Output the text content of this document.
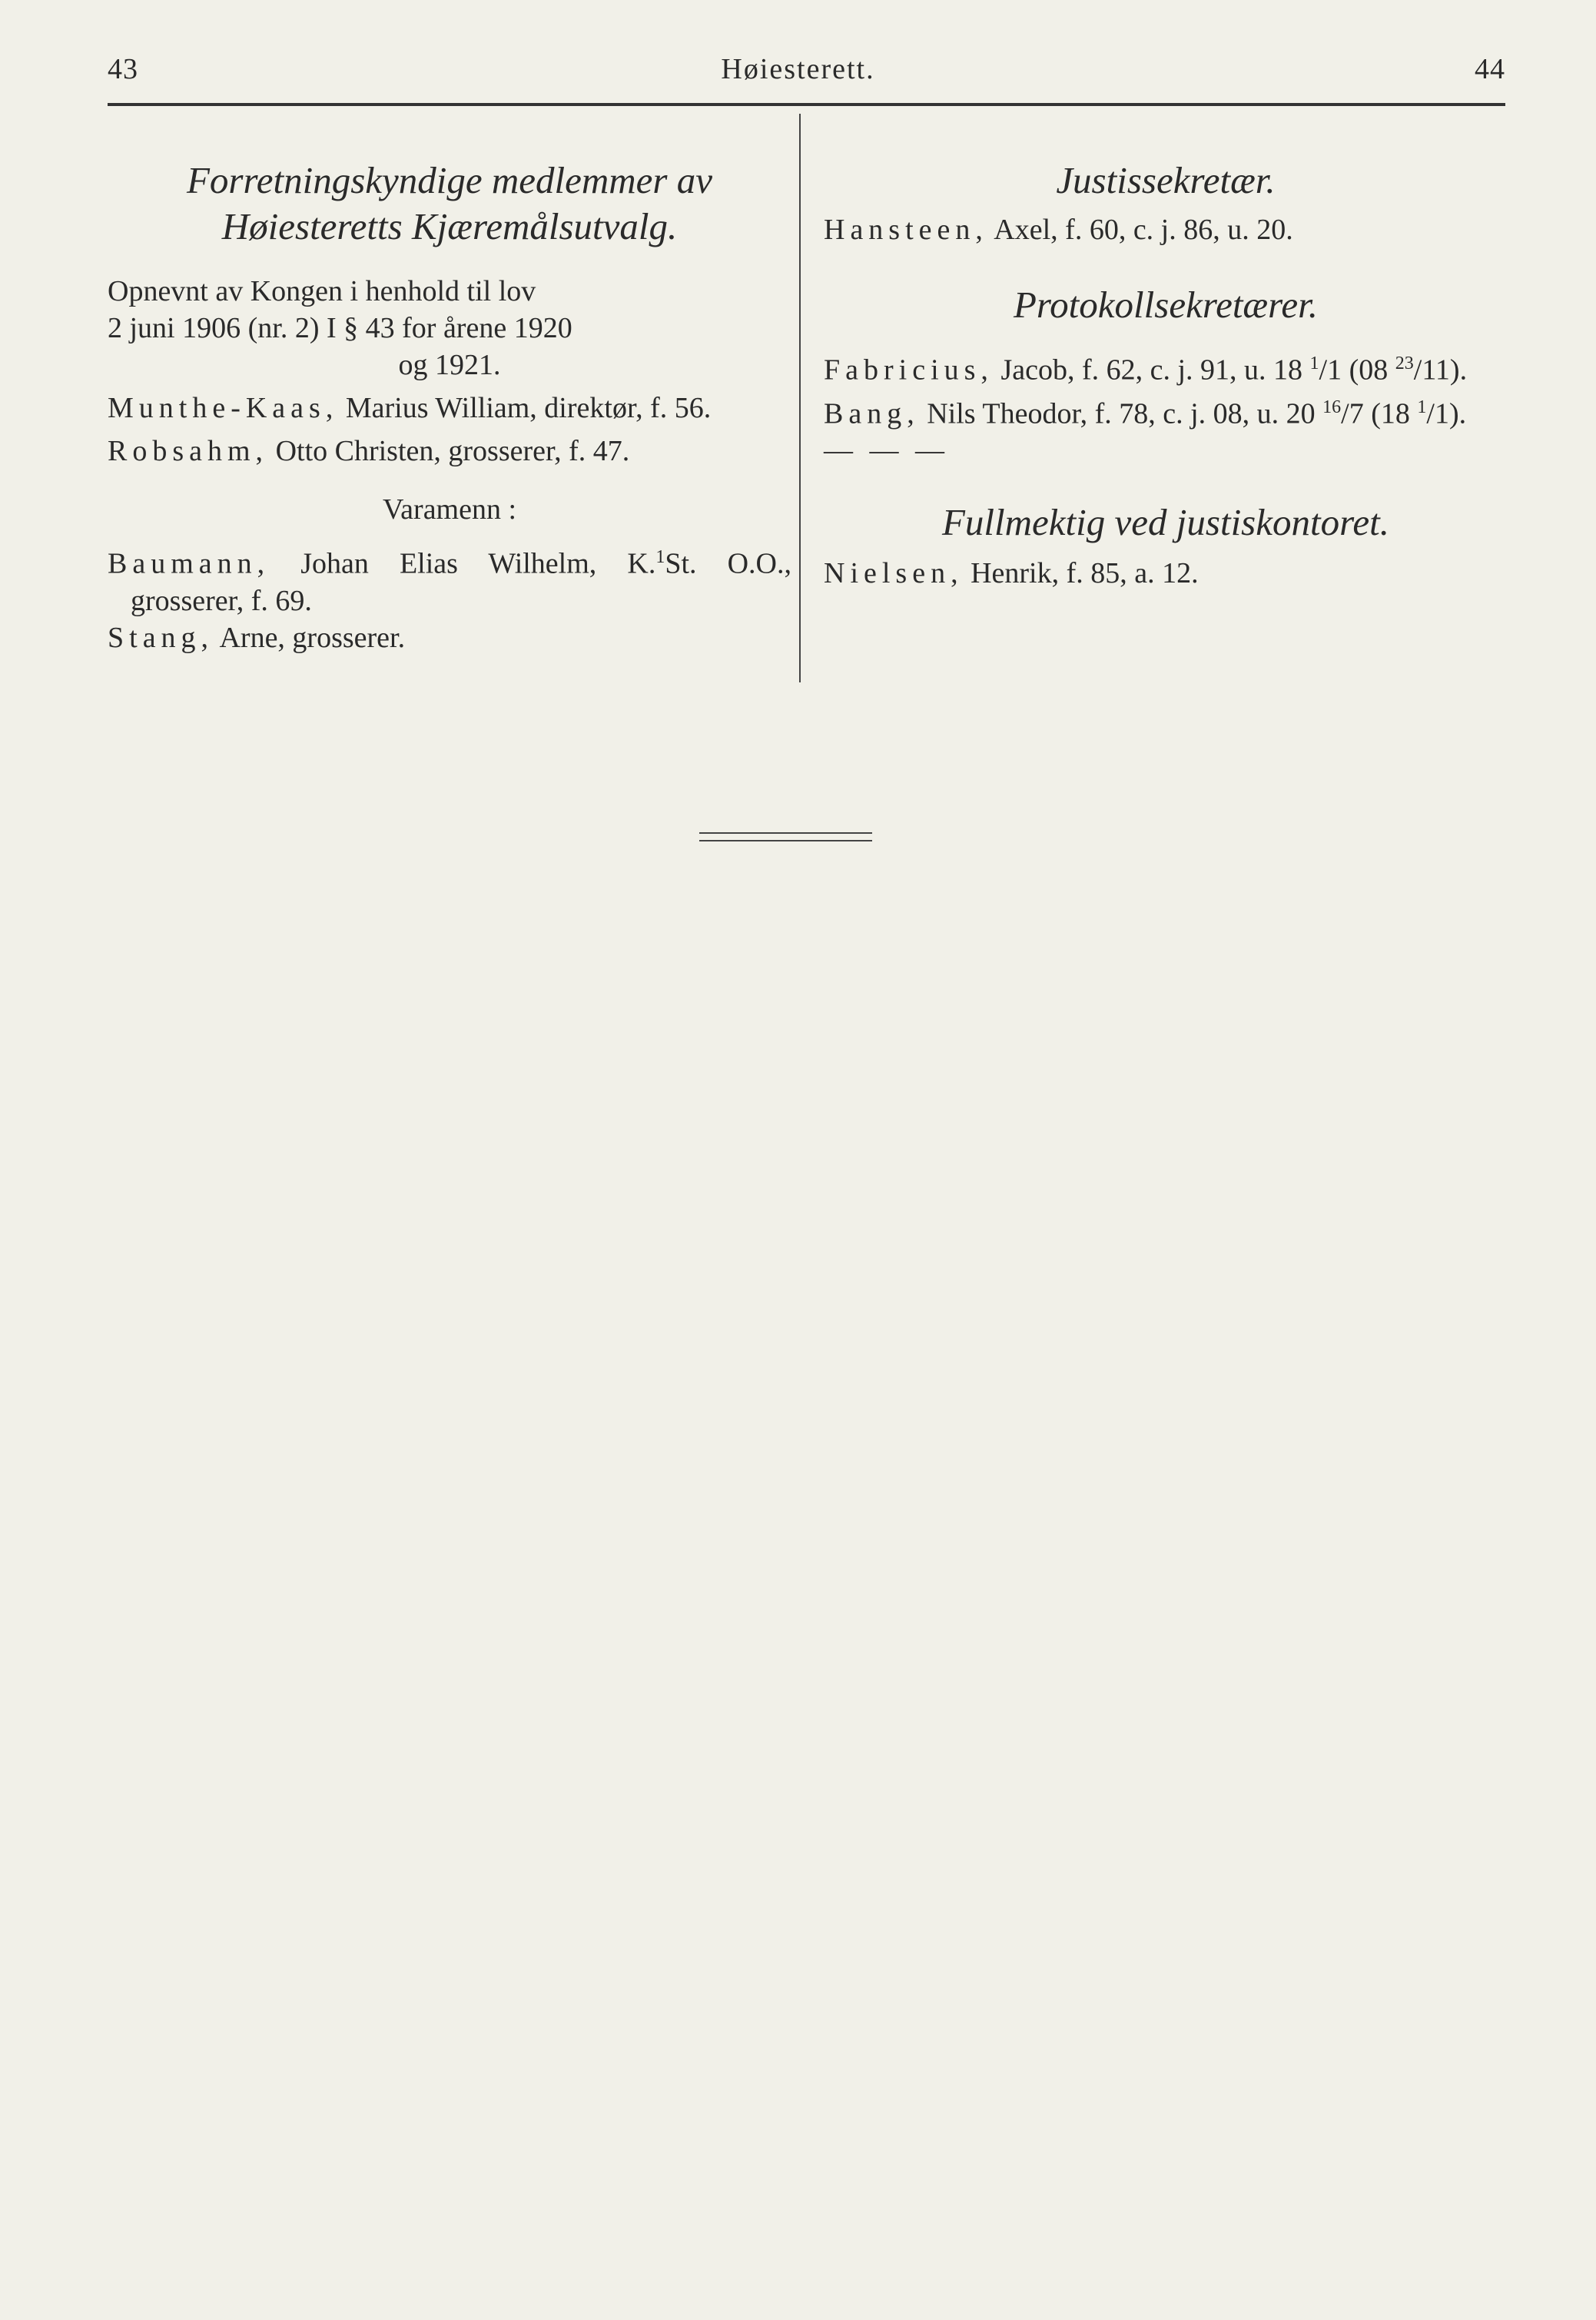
Høiesterett.
43	44
Forretningskyndige medlemmer av
Høiesteretts Kjæremålsutvalg.
Opnevnt av Kongen i henhold til lov
2 juni 1906 (nr. 2) I § 43 for årene 1920
og 1921.
Munthe-Kaas, Marius William, direktør, f. 56.
Robsahm, Otto Christen, grosserer, f. 47.
Varamenn :
Baumann, Johan Elias Wilhelm, K.$^1$St. O.O., grosserer, f. 69.
Stang, Arne, grosserer.
Justissekretær.
Hansteen, Axel, f. 60, c. j. 86, u. 20.
Protokollsekretærer.
Fabricius, Jacob, f. 62, c. j. 91, u. 18 $^1$/1 (08 $^{23}$/11).
Bang, Nils Theodor, f. 78, c. j. 08, u. 20 $^{16}$/7 (18 $^1$/1).
— — —
Fullmektig ved justiskontoret.
Nielsen, Henrik, f. 85, a. 12.
